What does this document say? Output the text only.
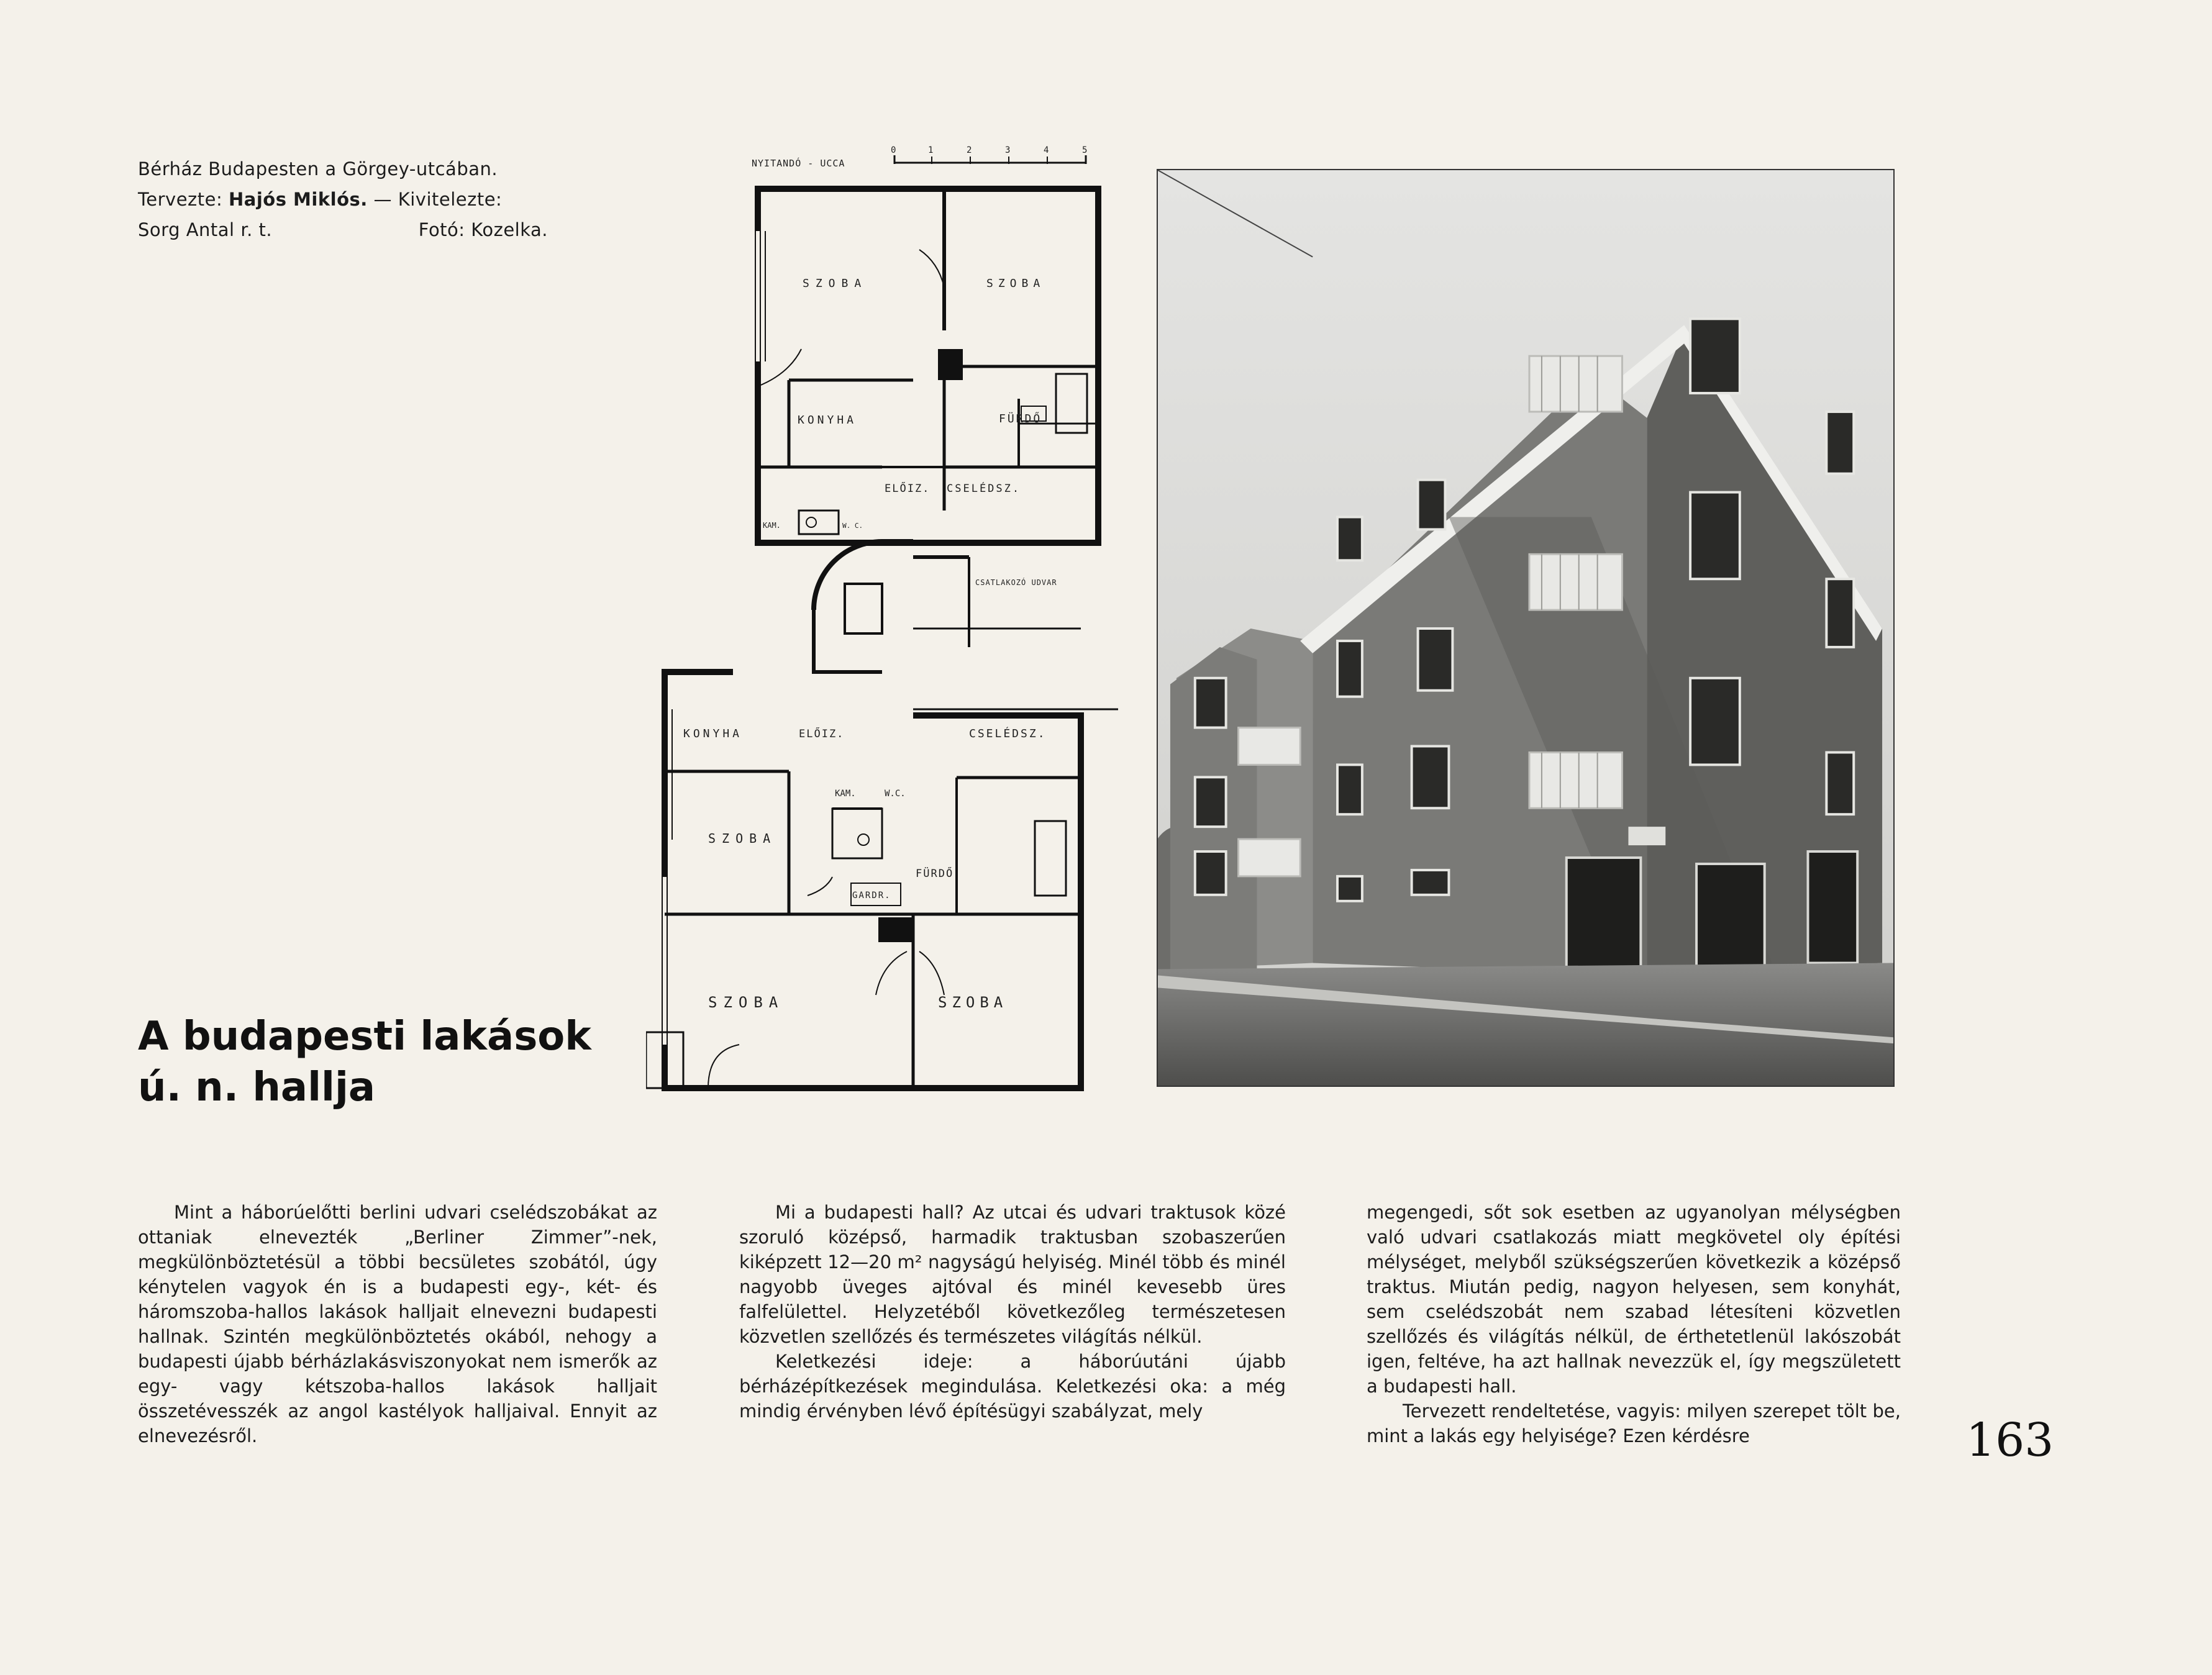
Bérház Budapesten a Görgey-utcában.
Tervezte: Hajós Miklós. — Kivitelezte:
Sorg Antal r. t.	Fotó: Kozelka.
NYITANDÓ - UCCA
0	1	2	3	4	5
SZOBA	SZOBA
KONYHA	FÜRDŐ
ELŐIZ. CSELÉDSZ.
KAM.	W. C.
CSATLAKOZÓ UDVAR
KONYHA	ELŐIZ.	CSELÉDSZ.
KAM.	W.C.
SZOBA
GARDR.
FÜRDŐ
SZOBA	SZOBA
A budapesti lakások
ú. n. hallja

Mint a háborúelőtti berlini udvari cselédszobákat az ottaniak elnevezték „Berliner Zimmer”-nek, megkülönböztetésül a többi becsületes szobától, úgy kénytelen vagyok én is a budapesti egy-, két- és háromszoba-hallos lakások halljait elnevezni budapesti hallnak. Szintén megkülönböztetés okából, nehogy a budapesti újabb bérházlakásviszonyokat nem ismerők az egy- vagy kétszoba-hallos lakások halljait összetévesszék az angol kastélyok halljaival. Ennyit az elnevezésről.

Mi a budapesti hall? Az utcai és udvari traktusok közé szoruló középső, harmadik traktusban szobaszerűen kiképzett 12—20 m² nagyságú helyiség. Minél több és minél nagyobb üveges ajtóval és minél kevesebb üres falfelülettel. Helyzetéből következőleg természetesen közvetlen szellőzés és természetes világítás nélkül.

Keletkezési ideje: a háborúutáni újabb bérházépítkezések megindulása. Keletkezési oka: a még mindig érvényben lévő építésügyi szabályzat, mely

megengedi, sőt sok esetben az ugyanolyan mélységben való udvari csatlakozás miatt megkövetel oly építési mélységet, melyből szükségszerűen következik a középső traktus. Miután pedig, nagyon helyesen, sem konyhát, sem cselédszobát nem szabad létesíteni közvetlen szellőzés és világítás nélkül, de érthetetlenül lakószobát igen, feltéve, ha azt hallnak nevezzük el, így megszületett a budapesti hall.

Tervezett rendeltetése, vagyis: milyen szerepet tölt be, mint a lakás egy helyisége? Ezen kérdésre	163
